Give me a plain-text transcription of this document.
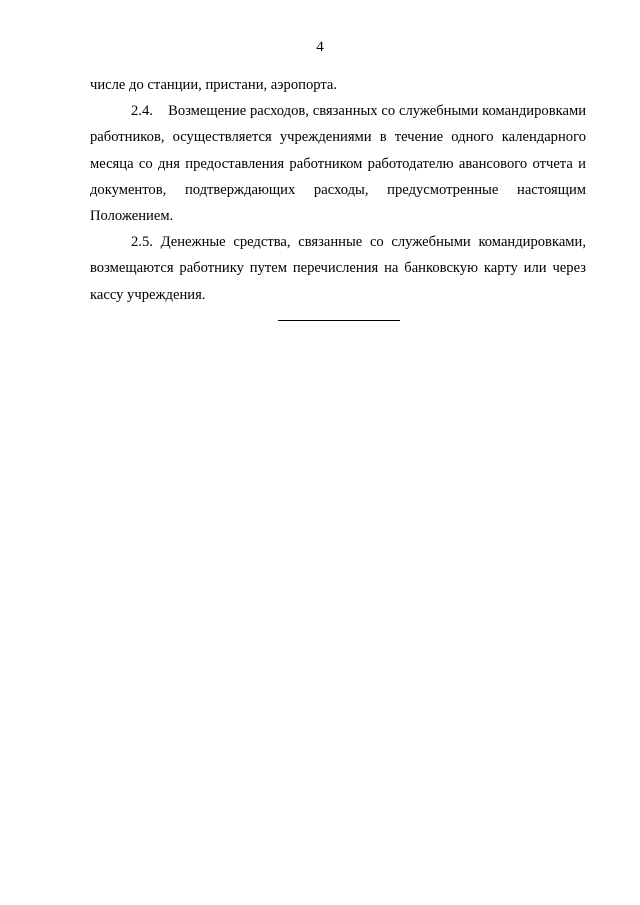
4

числе до станции, пристани, аэропорта.

2.4.    Возмещение расходов, связанных со служебными командировками работников, осуществляется учреждениями в течение одного календарного месяца со дня предоставления работником работодателю авансового отчета и документов, подтверждающих расходы, предусмотренные настоящим Положением.

2.5. Денежные средства, связанные со служебными командировками, возмещаются работнику путем перечисления на банковскую карту или через кассу учреждения.
